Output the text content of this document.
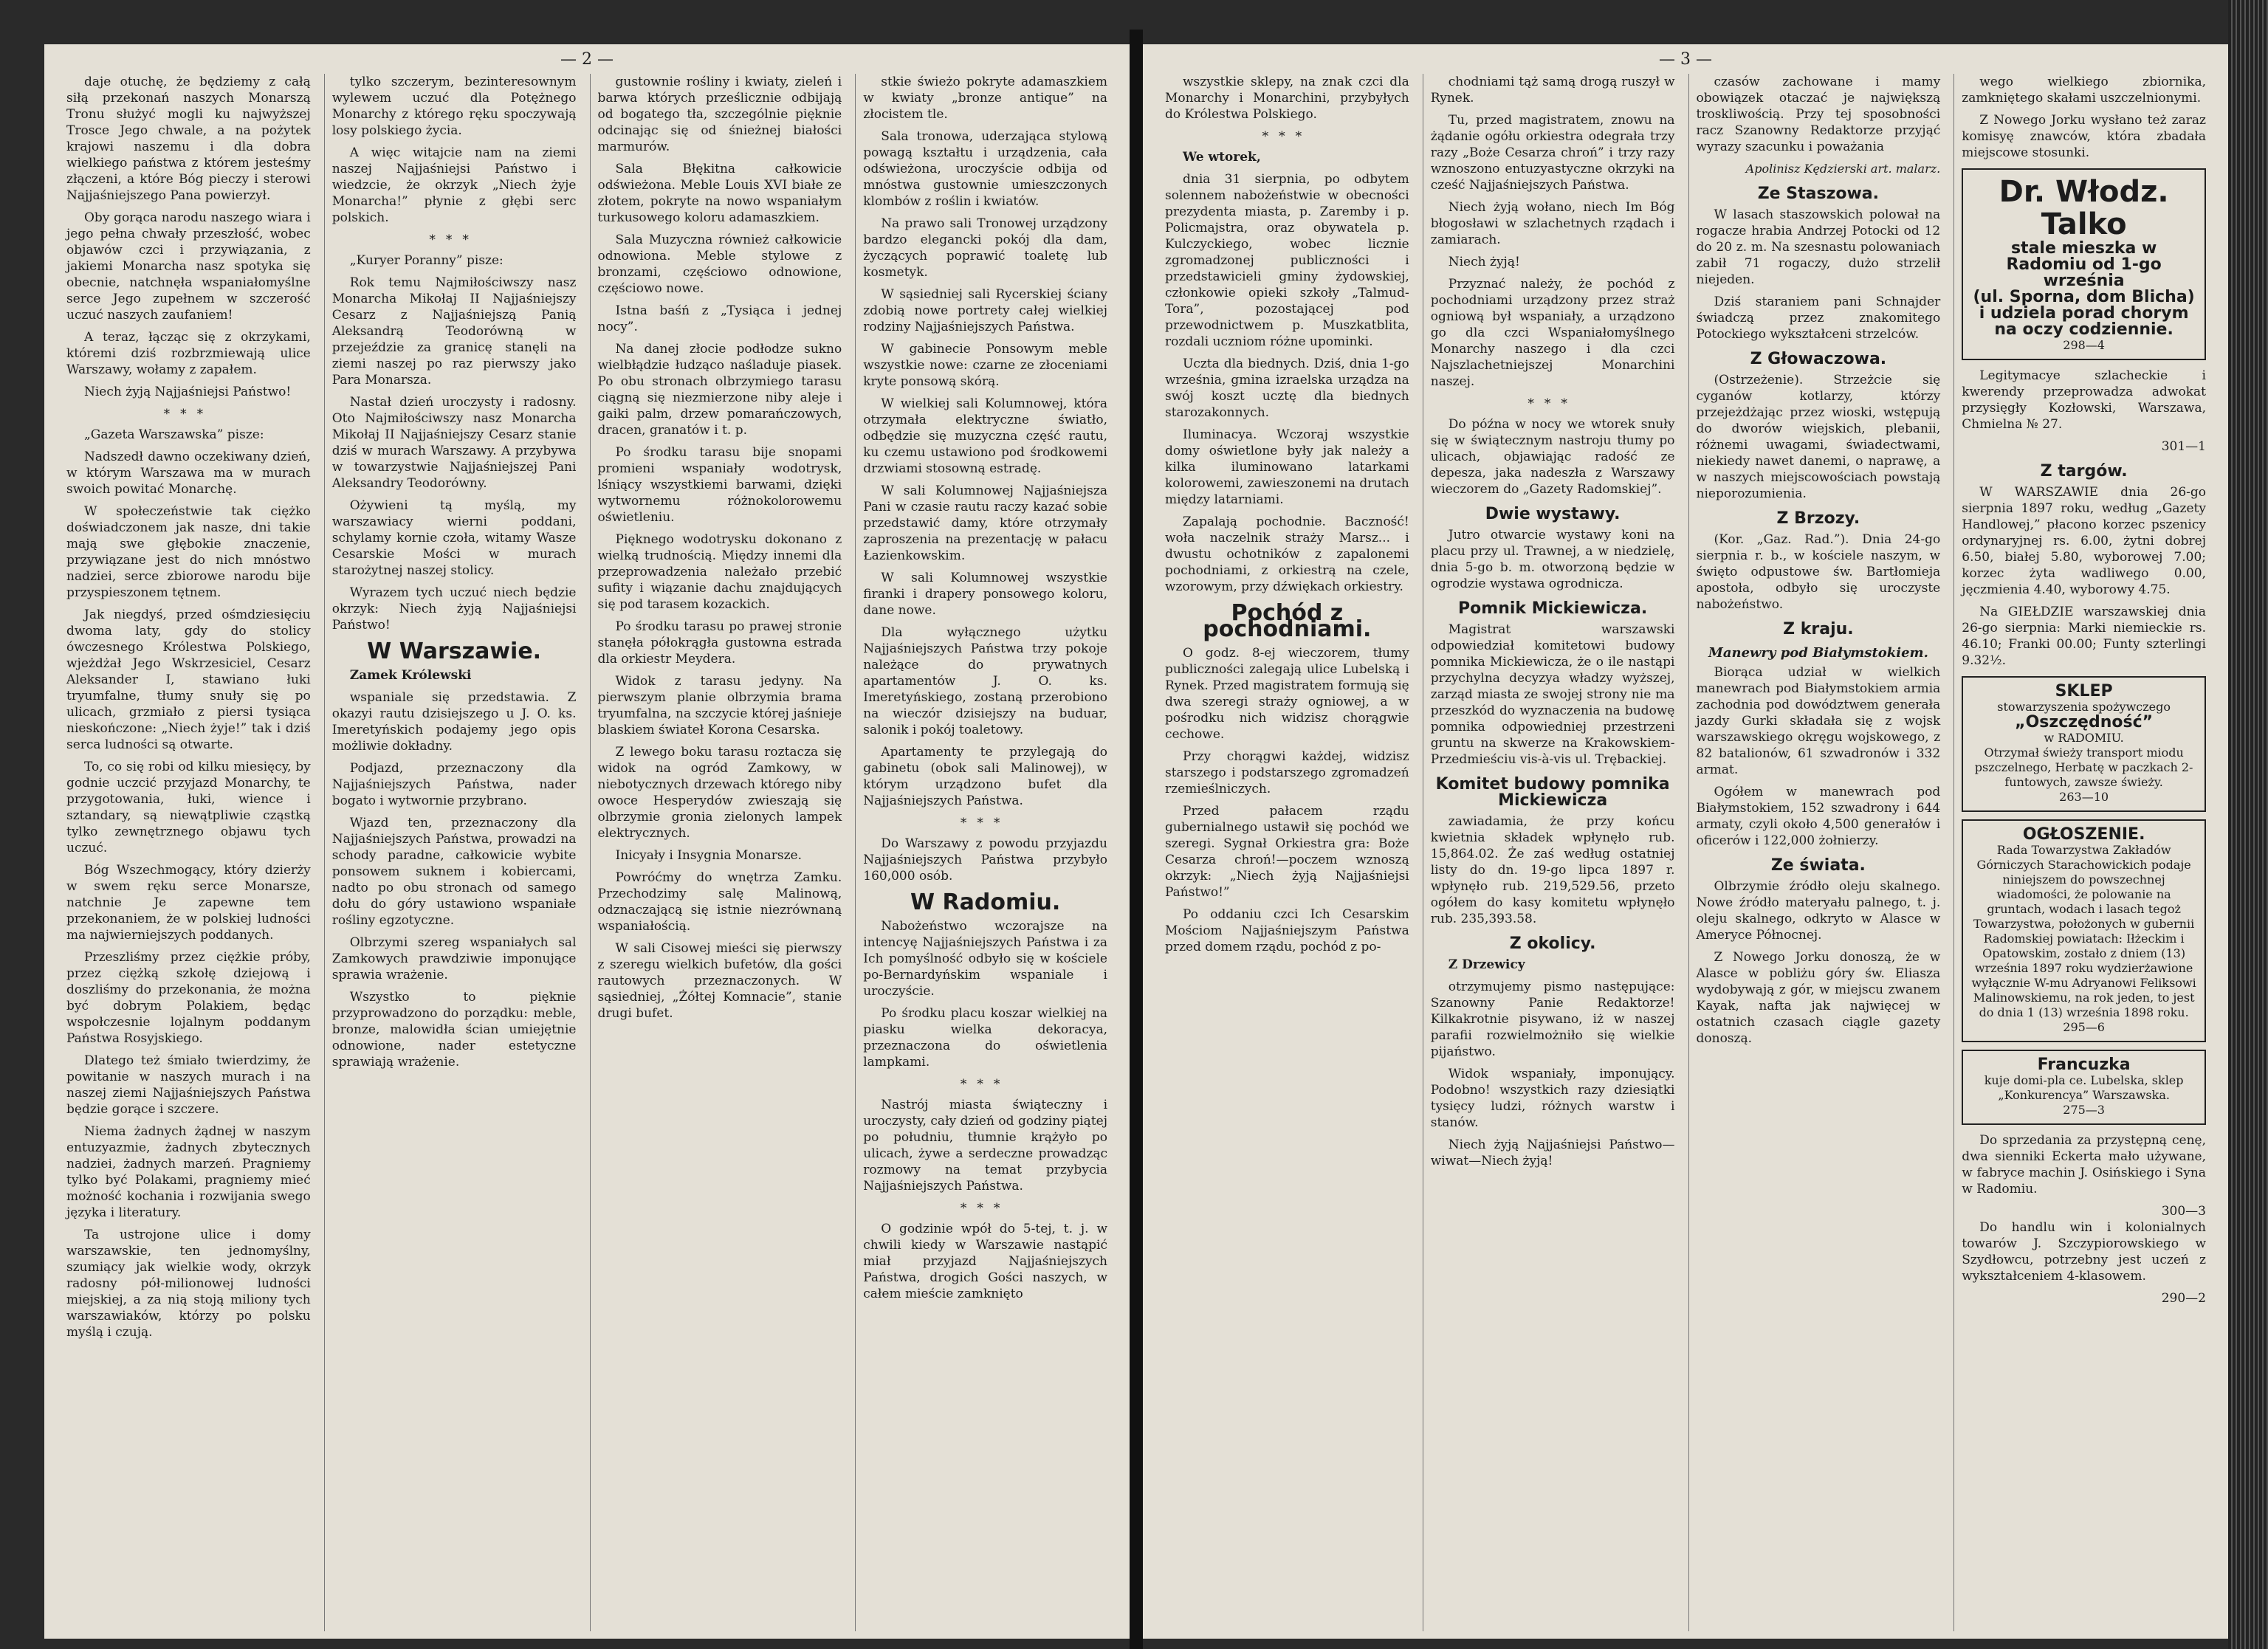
— 2 —

daje otuchę, że będziemy z całą siłą przekonań naszych Monarszą Tronu służyć mogli ku najwyższej Trosce Jego chwale, a na pożytek krajowi naszemu i dla dobra wielkiego państwa z którem jesteśmy złączeni, a które Bóg pieczy i sterowi Najjaśniejszego Pana powierzył.

Oby gorąca narodu naszego wiara i jego pełna chwały przeszłość, wobec objawów czci i przywiązania, z jakiemi Monarcha nasz spotyka się obecnie, natchnęła wspaniałomyślne serce Jego zupełnem w szczerość uczuć naszych zaufaniem!

A teraz, łącząc się z okrzykami, któremi dziś rozbrzmiewają ulice Warszawy, wołamy z zapałem.

Niech żyją Najjaśniejsi Państwo!

***

„Gazeta Warszawska” pisze:

Nadszedł dawno oczekiwany dzień, w którym Warszawa ma w murach swoich powitać Monarchę.

W społeczeństwie tak ciężko doświadczonem jak nasze, dni takie mają swe głębokie znaczenie, przywiązane jest do nich mnóstwo nadziei, serce zbiorowe narodu bije przyspieszonem tętnem.

Jak niegdyś, przed ośmdziesięciu dwoma laty, gdy do stolicy ówczesnego Królestwa Polskiego, wjeżdżał Jego Wskrzesiciel, Cesarz Aleksander I, stawiano łuki tryumfalne, tłumy snuły się po ulicach, grzmiało z piersi tysiąca nieskończone: „Niech żyje!” tak i dziś serca ludności są otwarte.

To, co się robi od kilku miesięcy, by godnie uczcić przyjazd Monarchy, te przygotowania, łuki, wience i sztandary, są niewątpliwie cząstką tylko zewnętrznego objawu tych uczuć.

Bóg Wszechmogący, który dzierży w swem ręku serce Monarsze, natchnie Je zapewne tem przekonaniem, że w polskiej ludności ma najwierniejszych poddanych.

Przeszliśmy przez ciężkie próby, przez ciężką szkołę dziejową i doszliśmy do przekonania, że można być dobrym Polakiem, będąc wspołczesnie lojalnym poddanym Państwa Rosyjskiego.

Dlatego też śmiało twierdzimy, że powitanie w naszych murach i na naszej ziemi Najjaśniejszych Państwa będzie gorące i szczere.

Niema żadnych żądnej w naszym entuzyazmie, żadnych zbytecznych nadziei, żadnych marzeń. Pragniemy tylko być Polakami, pragniemy mieć możność kochania i rozwijania swego języka i literatury.

Ta ustrojone ulice i domy warszawskie, ten jednomyślny, szumiący jak wielkie wody, okrzyk radosny pół-milionowej ludności miejskiej, a za nią stoją miliony tych warszawiaków, którzy po polsku myślą i czują.

tylko szczerym, bezinteresownym wylewem uczuć dla Potężnego Monarchy z którego ręku spoczywają losy polskiego życia.

A więc witajcie nam na ziemi naszej Najjaśniejsi Państwo i wiedzcie, że okrzyk „Niech żyje Monarcha!” płynie z głębi serc polskich.

***

„Kuryer Poranny” pisze:

Rok temu Najmiłościwszy nasz Monarcha Mikołaj II Najjaśniejszy Cesarz z Najjaśniejszą Panią Aleksandrą Teodorówną w przejeździe za granicę stanęli na ziemi naszej po raz pierwszy jako Para Monarsza.

Nastał dzień uroczysty i radosny. Oto Najmiłościwszy nasz Monarcha Mikołaj II Najjaśniejszy Cesarz stanie dziś w murach Warszawy. A przybywa w towarzystwie Najjaśniejszej Pani Aleksandry Teodorówny.

Ożywieni tą myślą, my warszawiacy wierni poddani, schylamy kornie czoła, witamy Wasze Cesarskie Mości w murach starożytnej naszej stolicy.

Wyrazem tych uczuć niech będzie okrzyk: Niech żyją Najjaśniejsi Państwo!

W Warszawie.

Zamek Królewski

wspaniale się przedstawia. Z okazyi rautu dzisiejszego u J. O. ks. Imeretyńskich podajemy jego opis możliwie dokładny.

Podjazd, przeznaczony dla Najjaśniejszych Państwa, nader bogato i wytwornie przybrano.

Wjazd ten, przeznaczony dla Najjaśniejszych Państwa, prowadzi na schody paradne, całkowicie wybite ponsowem suknem i kobiercami, nadto po obu stronach od samego dołu do góry ustawiono wspaniałe rośliny egzotyczne.

Olbrzymi szereg wspaniałych sal Zamkowych prawdziwie imponujące sprawia wrażenie.

Wszystko to pięknie przyprowadzono do porządku: meble, bronze, malowidła ścian umiejętnie odnowione, nader estetyczne sprawiają wrażenie.

gustownie rośliny i kwiaty, zieleń i barwa których prześlicznie odbijają od bogatego tła, szczególnie pięknie odcinając się od śnieżnej białości marmurów.

Sala Błękitna całkowicie odświeżona. Meble Louis XVI białe ze złotem, pokryte na nowo wspaniałym turkusowego koloru adamaszkiem.

Sala Muzyczna również całkowicie odnowiona. Meble stylowe z bronzami, częściowo odnowione, częściowo nowe.

Istna baśń z „Tysiąca i jednej nocy”.

Na danej złocie podłodze sukno wielbłądzie łudząco naśladuje piasek. Po obu stronach olbrzymiego tarasu ciągną się niezmierzone niby aleje i gaiki palm, drzew pomarańczowych, dracen, granatów i t. p.

Po środku tarasu bije snopami promieni wspaniały wodotrysk, lśniący wszystkiemi barwami, dzięki wytwornemu różnokolorowemu oświetleniu.

Pięknego wodotrysku dokonano z wielką trudnością. Między innemi dla przeprowadzenia należało przebić sufity i wiązanie dachu znajdujących się pod tarasem kozackich.

Po środku tarasu po prawej stronie stanęła półokrągła gustowna estrada dla orkiestr Meydera.

Widok z tarasu jedyny. Na pierwszym planie olbrzymia brama tryumfalna, na szczycie której jaśnieje blaskiem świateł Korona Cesarska.

Z lewego boku tarasu roztacza się widok na ogród Zamkowy, w niebotycznych drzewach którego niby owoce Hesperydów zwieszają się olbrzymie gronia zielonych lampek elektrycznych.

Inicyały i Insygnia Monarsze.

Powróćmy do wnętrza Zamku. Przechodzimy salę Malinową, odznaczającą się istnie niezrównaną wspaniałością.

W sali Cisowej mieści się pierwszy z szeregu wielkich bufetów, dla gości rautowych przeznaczonych. W sąsiedniej, „Żółtej Komnacie”, stanie drugi bufet.

stkie świeżo pokryte adamaszkiem w kwiaty „bronze antique” na złocistem tle.

Sala tronowa, uderzająca stylową powagą kształtu i urządzenia, cała odświeżona, uroczyście odbija od mnóstwa gustownie umieszczonych klombów z roślin i kwiatów.

Na prawo sali Tronowej urządzony bardzo elegancki pokój dla dam, życzących poprawić toaletę lub kosmetyk.

W sąsiedniej sali Rycerskiej ściany zdobią nowe portrety całej wielkiej rodziny Najjaśniejszych Państwa.

W gabinecie Ponsowym meble wszystkie nowe: czarne ze złoceniami kryte ponsową skórą.

W wielkiej sali Kolumnowej, która otrzymała elektryczne światło, odbędzie się muzyczna część rautu, ku czemu ustawiono pod środkowemi drzwiami stosowną estradę.

W sali Kolumnowej Najjaśniejsza Pani w czasie rautu raczy kazać sobie przedstawić damy, które otrzymały zaproszenia na prezentację w pałacu Łazienkowskim.

W sali Kolumnowej wszystkie firanki i drapery ponsowego koloru, dane nowe.

Dla wyłącznego użytku Najjaśniejszych Państwa trzy pokoje należące do prywatnych apartamentów J. O. ks. Imeretyńskiego, zostaną przerobiono na wieczór dzisiejszy na buduar, salonik i pokój toaletowy.

Apartamenty te przylegają do gabinetu (obok sali Malinowej), w którym urządzono bufet dla Najjaśniejszych Państwa.

***

Do Warszawy z powodu przyjazdu Najjaśniejszych Państwa przybyło 160,000 osób.

W Radomiu.

Nabożeństwo wczorajsze na intencyę Najjaśniejszych Państwa i za Ich pomyślność odbyło się w kościele po-Bernardyńskim wspaniale i uroczyście.

Po środku placu koszar wielkiej na piasku wielka dekoracya, przeznaczona do oświetlenia lampkami.

***

Nastrój miasta świąteczny i uroczysty, cały dzień od godziny piątej po południu, tłumnie krążyło po ulicach, żywe a serdeczne prowadząc rozmowy na temat przybycia Najjaśniejszych Państwa.

***

O godzinie wpół do 5-tej, t. j. w chwili kiedy w Warszawie nastąpić miał przyjazd Najjaśniejszych Państwa, drogich Gości naszych, w całem mieście zamknięto

— 3 —

wszystkie sklepy, na znak czci dla Monarchy i Monarchini, przybyłych do Królestwa Polskiego.

***

We wtorek,

dnia 31 sierpnia, po odbytem solennem nabożeństwie w obecności prezydenta miasta, p. Zaremby i p. Policmajstra, oraz obywatela p. Kulczyckiego, wobec licznie zgromadzonej publiczności i przedstawicieli gminy żydowskiej, członkowie opieki szkoły „Talmud-Tora”, pozostającej pod przewodnictwem p. Muszkatblita, rozdali uczniom różne upominki.

Uczta dla biednych. Dziś, dnia 1-go września, gmina izraelska urządza na swój koszt ucztę dla biednych starozakonnych.

Iluminacya. Wczoraj wszystkie domy oświetlone były jak należy a kilka iluminowano latarkami kolorowemi, zawieszonemi na drutach między latarniami.

Zapalają pochodnie. Baczność! woła naczelnik straży Marsz... i dwustu ochotników z zapalonemi pochodniami, z orkiestrą na czele, wzorowym, przy dźwiękach orkiestry.

Pochód z pochodniami.

O godz. 8-ej wieczorem, tłumy publiczności zalegają ulice Lubelską i Rynek. Przed magistratem formują się dwa szeregi straży ogniowej, a w pośrodku nich widzisz chorągwie cechowe.

Przy chorągwi każdej, widzisz starszego i podstarszego zgromadzeń rzemieślniczych.

Przed pałacem rządu gubernialnego ustawił się pochód we szeregi. Sygnał Orkiestra gra: Boże Cesarza chroń!—poczem wznoszą okrzyk: „Niech żyją Najjaśniejsi Państwo!”

Po oddaniu czci Ich Cesarskim Mościom Najjaśniejszym Państwa przed domem rządu, pochód z po-

chodniami tąż samą drogą ruszył w Rynek.

Tu, przed magistratem, znowu na żądanie ogółu orkiestra odegrała trzy razy „Boże Cesarza chroń” i trzy razy wznoszono entuzyastyczne okrzyki na cześć Najjaśniejszych Państwa.

Niech żyją wołano, niech Im Bóg błogosławi w szlachetnych rządach i zamiarach.

Niech żyją!

Przyznać należy, że pochód z pochodniami urządzony przez straż ogniową był wspaniały, a urządzono go dla czci Wspaniałomyślnego Monarchy naszego i dla czci Najszlachetniejszej Monarchini naszej.

***

Do późna w nocy we wtorek snuły się w świątecznym nastroju tłumy po ulicach, objawiając radość ze depesza, jaka nadeszła z Warszawy wieczorem do „Gazety Radomskiej”.

Dwie wystawy.

Jutro otwarcie wystawy koni na placu przy ul. Trawnej, a w niedzielę, dnia 5-go b. m. otworzoną będzie w ogrodzie wystawa ogrodnicza.

Pomnik Mickiewicza.

Magistrat warszawski odpowiedział komitetowi budowy pomnika Mickiewicza, że o ile nastąpi przychylna decyzya władzy wyższej, zarząd miasta ze swojej strony nie ma przeszkód do wyznaczenia na budowę pomnika odpowiedniej przestrzeni gruntu na skwerze na Krakowskiem-Przedmieściu vis-à-vis ul. Trębackiej.

Komitet budowy pomnika Mickiewicza

zawiadamia, że przy końcu kwietnia składek wpłynęło rub. 15,864.02. Że zaś według ostatniej listy do dn. 19-go lipca 1897 r. wpłynęło rub. 219,529.56, przeto ogółem do kasy komitetu wpłynęło rub. 235,393.58.

Z okolicy.

Z Drzewicy

otrzymujemy pismo następujące: Szanowny Panie Redaktorze! Kilkakrotnie pisywano, iż w naszej parafii rozwielmożniło się wielkie pijaństwo.

Widok wspaniały, imponujący. Podobno! wszystkich razy dziesiątki tysięcy ludzi, różnych warstw i stanów.

Niech żyją Najjaśniejsi Państwo—wiwat—Niech żyją!

czasów zachowane i mamy obowiązek otaczać je największą troskliwością. Przy tej sposobności racz Szanowny Redaktorze przyjąć wyrazy szacunku i poważania

Apolinisz Kędzierski art. malarz.
Ze Staszowa.

W lasach staszowskich polował na rogacze hrabia Andrzej Potocki od 12 do 20 z. m. Na szesnastu polowaniach zabił 71 rogaczy, dużo strzelił niejeden.

Dziś staraniem pani Schnajder świadczą przez znakomitego Potockiego wykształceni strzelców.

Z Głowaczowa.

(Ostrzeżenie). Strzeżcie się cyganów kotlarzy, którzy przejeżdżając przez wioski, wstępują do dworów wiejskich, plebanii, różnemi uwagami, świadectwami, niekiedy nawet danemi, o naprawę, a w naszych miejscowościach powstają nieporozumienia.

Z Brzozy.

(Kor. „Gaz. Rad.”). Dnia 24-go sierpnia r. b., w kościele naszym, w święto odpustowe św. Bartłomieja apostoła, odbyło się uroczyste nabożeństwo.

Z kraju.
Manewry pod Białymstokiem.

Biorąca udział w wielkich manewrach pod Białymstokiem armia zachodnia pod dowództwem generała jazdy Gurki składała się z wojsk warszawskiego okręgu wojskowego, z 82 batalionów, 61 szwadronów i 332 armat.

Ogółem w manewrach pod Białymstokiem, 152 szwadrony i 644 armaty, czyli około 4,500 generałów i oficerów i 122,000 żołnierzy.

Ze świata.

Olbrzymie źródło oleju skalnego. Nowe źródło materyału palnego, t. j. oleju skalnego, odkryto w Alasce w Ameryce Północnej.

Z Nowego Jorku donoszą, że w Alasce w pobliżu góry św. Eliasza wydobywają z gór, w miejscu zwanem Kayak, nafta jak najwięcej w ostatnich czasach ciągle gazety donoszą.

wego wielkiego zbiornika, zamkniętego skałami uszczelnionymi.

Z Nowego Jorku wysłano też zaraz komisyę znawców, która zbadała miejscowe stosunki.

Dr. Włodz. Talko
stale mieszka w Radomiu od 1-go września
(ul. Sporna, dom Blicha)
i udziela porad chorym na oczy codziennie.
298—4

Legitymacye szlacheckie i kwerendy przeprowadza adwokat przysięgły Kozłowski, Warszawa, Chmielna № 27.

301—1
Z targów.

W WARSZAWIE dnia 26-go sierpnia 1897 roku, według „Gazety Handlowej,” płacono korzec pszenicy ordynaryjnej rs. 6.00, żytni dobrej 6.50, białej 5.80, wyborowej 7.00; korzec żyta wadliwego 0.00, jęczmienia 4.40, wyborowy 4.75.

Na GIEŁDZIE warszawskiej dnia 26-go sierpnia: Marki niemieckie rs. 46.10; Franki 00.00; Funty szterlingi 9.32½.

SKLEP
stowarzyszenia spożywczego
„Oszczędność”
w RADOMIU.
Otrzymał świeży transport miodu pszczelnego, Herbatę w paczkach 2-funtowych, zawsze świeży.
263—10
OGŁOSZENIE.
Rada Towarzystwa Zakładów Górniczych Starachowickich podaje niniejszem do powszechnej wiadomości, że polowanie na gruntach, wodach i lasach tegoż Towarzystwa, położonych w gubernii Radomskiej powiatach: Iłżeckim i Opatowskim, zostało z dniem (13) września 1897 roku wydzierżawione wyłącznie W-mu Adryanowi Feliksowi Malinowskiemu, na rok jeden, to jest do dnia 1 (13) września 1898 roku.
295—6
Francuzka
kuje domi-pla ce. Lubelska, sklep „Konkurencya” Warszawska.
275—3

Do sprzedania za przystępną cenę, dwa sienniki Eckerta mało używane, w fabryce machin J. Osińskiego i Syna w Radomiu.

300—3

Do handlu win i kolonialnych towarów J. Szczypiorowskiego w Szydłowcu, potrzebny jest uczeń z wykształceniem 4-klasowem.

290—2
